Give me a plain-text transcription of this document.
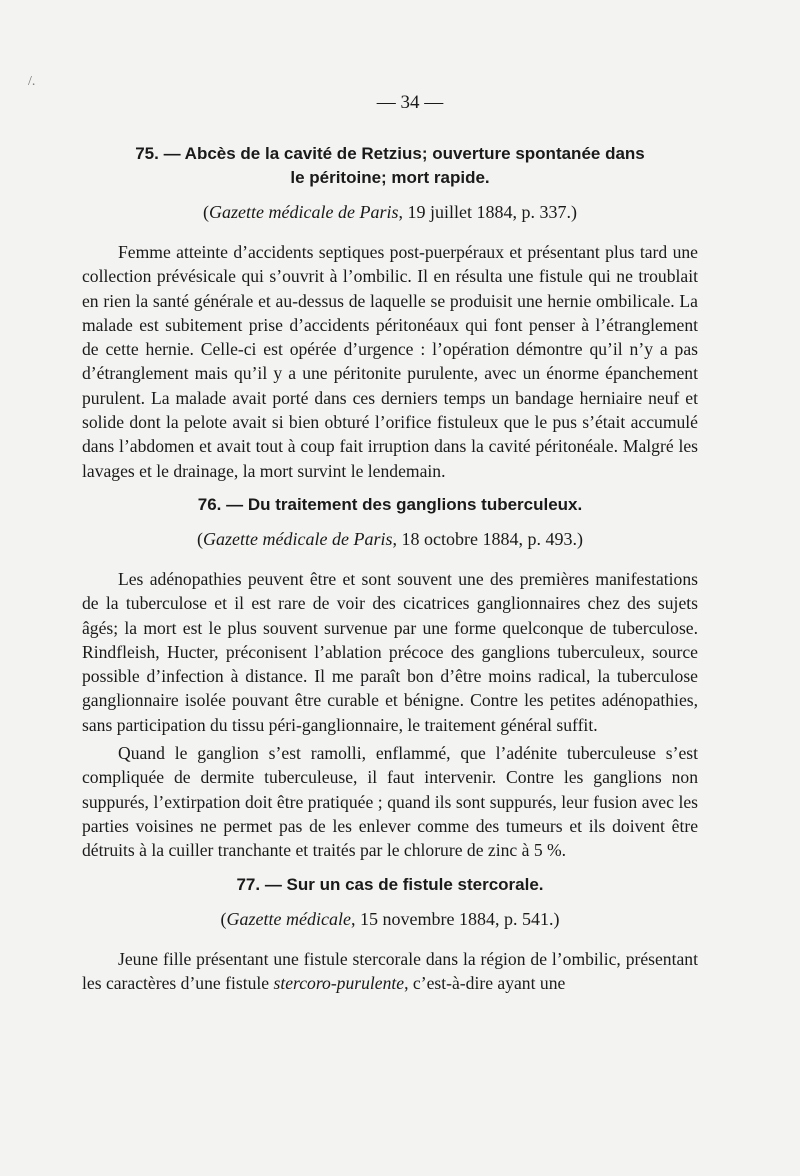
/.
— 34 —

75. — Abcès de la cavité de Retzius; ouverture spontanée dans
le péritoine; mort rapide.

(Gazette médicale de Paris, 19 juillet 1884, p. 337.)

Femme atteinte d’accidents septiques post-puerpéraux et présentant plus tard une collection prévésicale qui s’ouvrit à l’ombilic. Il en résulta une fistule qui ne troublait en rien la santé générale et au-dessus de laquelle se produisit une hernie ombilicale. La malade est subitement prise d’accidents péritonéaux qui font penser à l’étranglement de cette hernie. Celle-ci est opérée d’urgence : l’opération démontre qu’il n’y a pas d’étranglement mais qu’il y a une péritonite purulente, avec un énorme épanchement purulent. La malade avait porté dans ces derniers temps un bandage herniaire neuf et solide dont la pelote avait si bien obturé l’orifice fistuleux que le pus s’était accumulé dans l’abdomen et avait tout à coup fait irruption dans la cavité péritonéale. Malgré les lavages et le drainage, la mort survint le lendemain.

76. — Du traitement des ganglions tuberculeux.

(Gazette médicale de Paris, 18 octobre 1884, p. 493.)

Les adénopathies peuvent être et sont souvent une des premières manifestations de la tuberculose et il est rare de voir des cicatrices ganglionnaires chez des sujets âgés; la mort est le plus souvent survenue par une forme quelconque de tuberculose. Rindfleish, Hucter, préconisent l’ablation précoce des ganglions tuberculeux, source possible d’infection à distance. Il me paraît bon d’être moins radical, la tuberculose ganglionnaire isolée pouvant être curable et bénigne. Contre les petites adénopathies, sans participation du tissu péri-ganglionnaire, le traitement général suffit.

Quand le ganglion s’est ramolli, enflammé, que l’adénite tuberculeuse s’est compliquée de dermite tuberculeuse, il faut intervenir. Contre les ganglions non suppurés, l’extirpation doit être pratiquée ; quand ils sont suppurés, leur fusion avec les parties voisines ne permet pas de les enlever comme des tumeurs et ils doivent être détruits à la cuiller tranchante et traités par le chlorure de zinc à 5 %.

77. — Sur un cas de fistule stercorale.

(Gazette médicale, 15 novembre 1884, p. 541.)

Jeune fille présentant une fistule stercorale dans la région de l’ombilic, présentant les caractères d’une fistule stercoro-purulente, c’est-à-dire ayant une
